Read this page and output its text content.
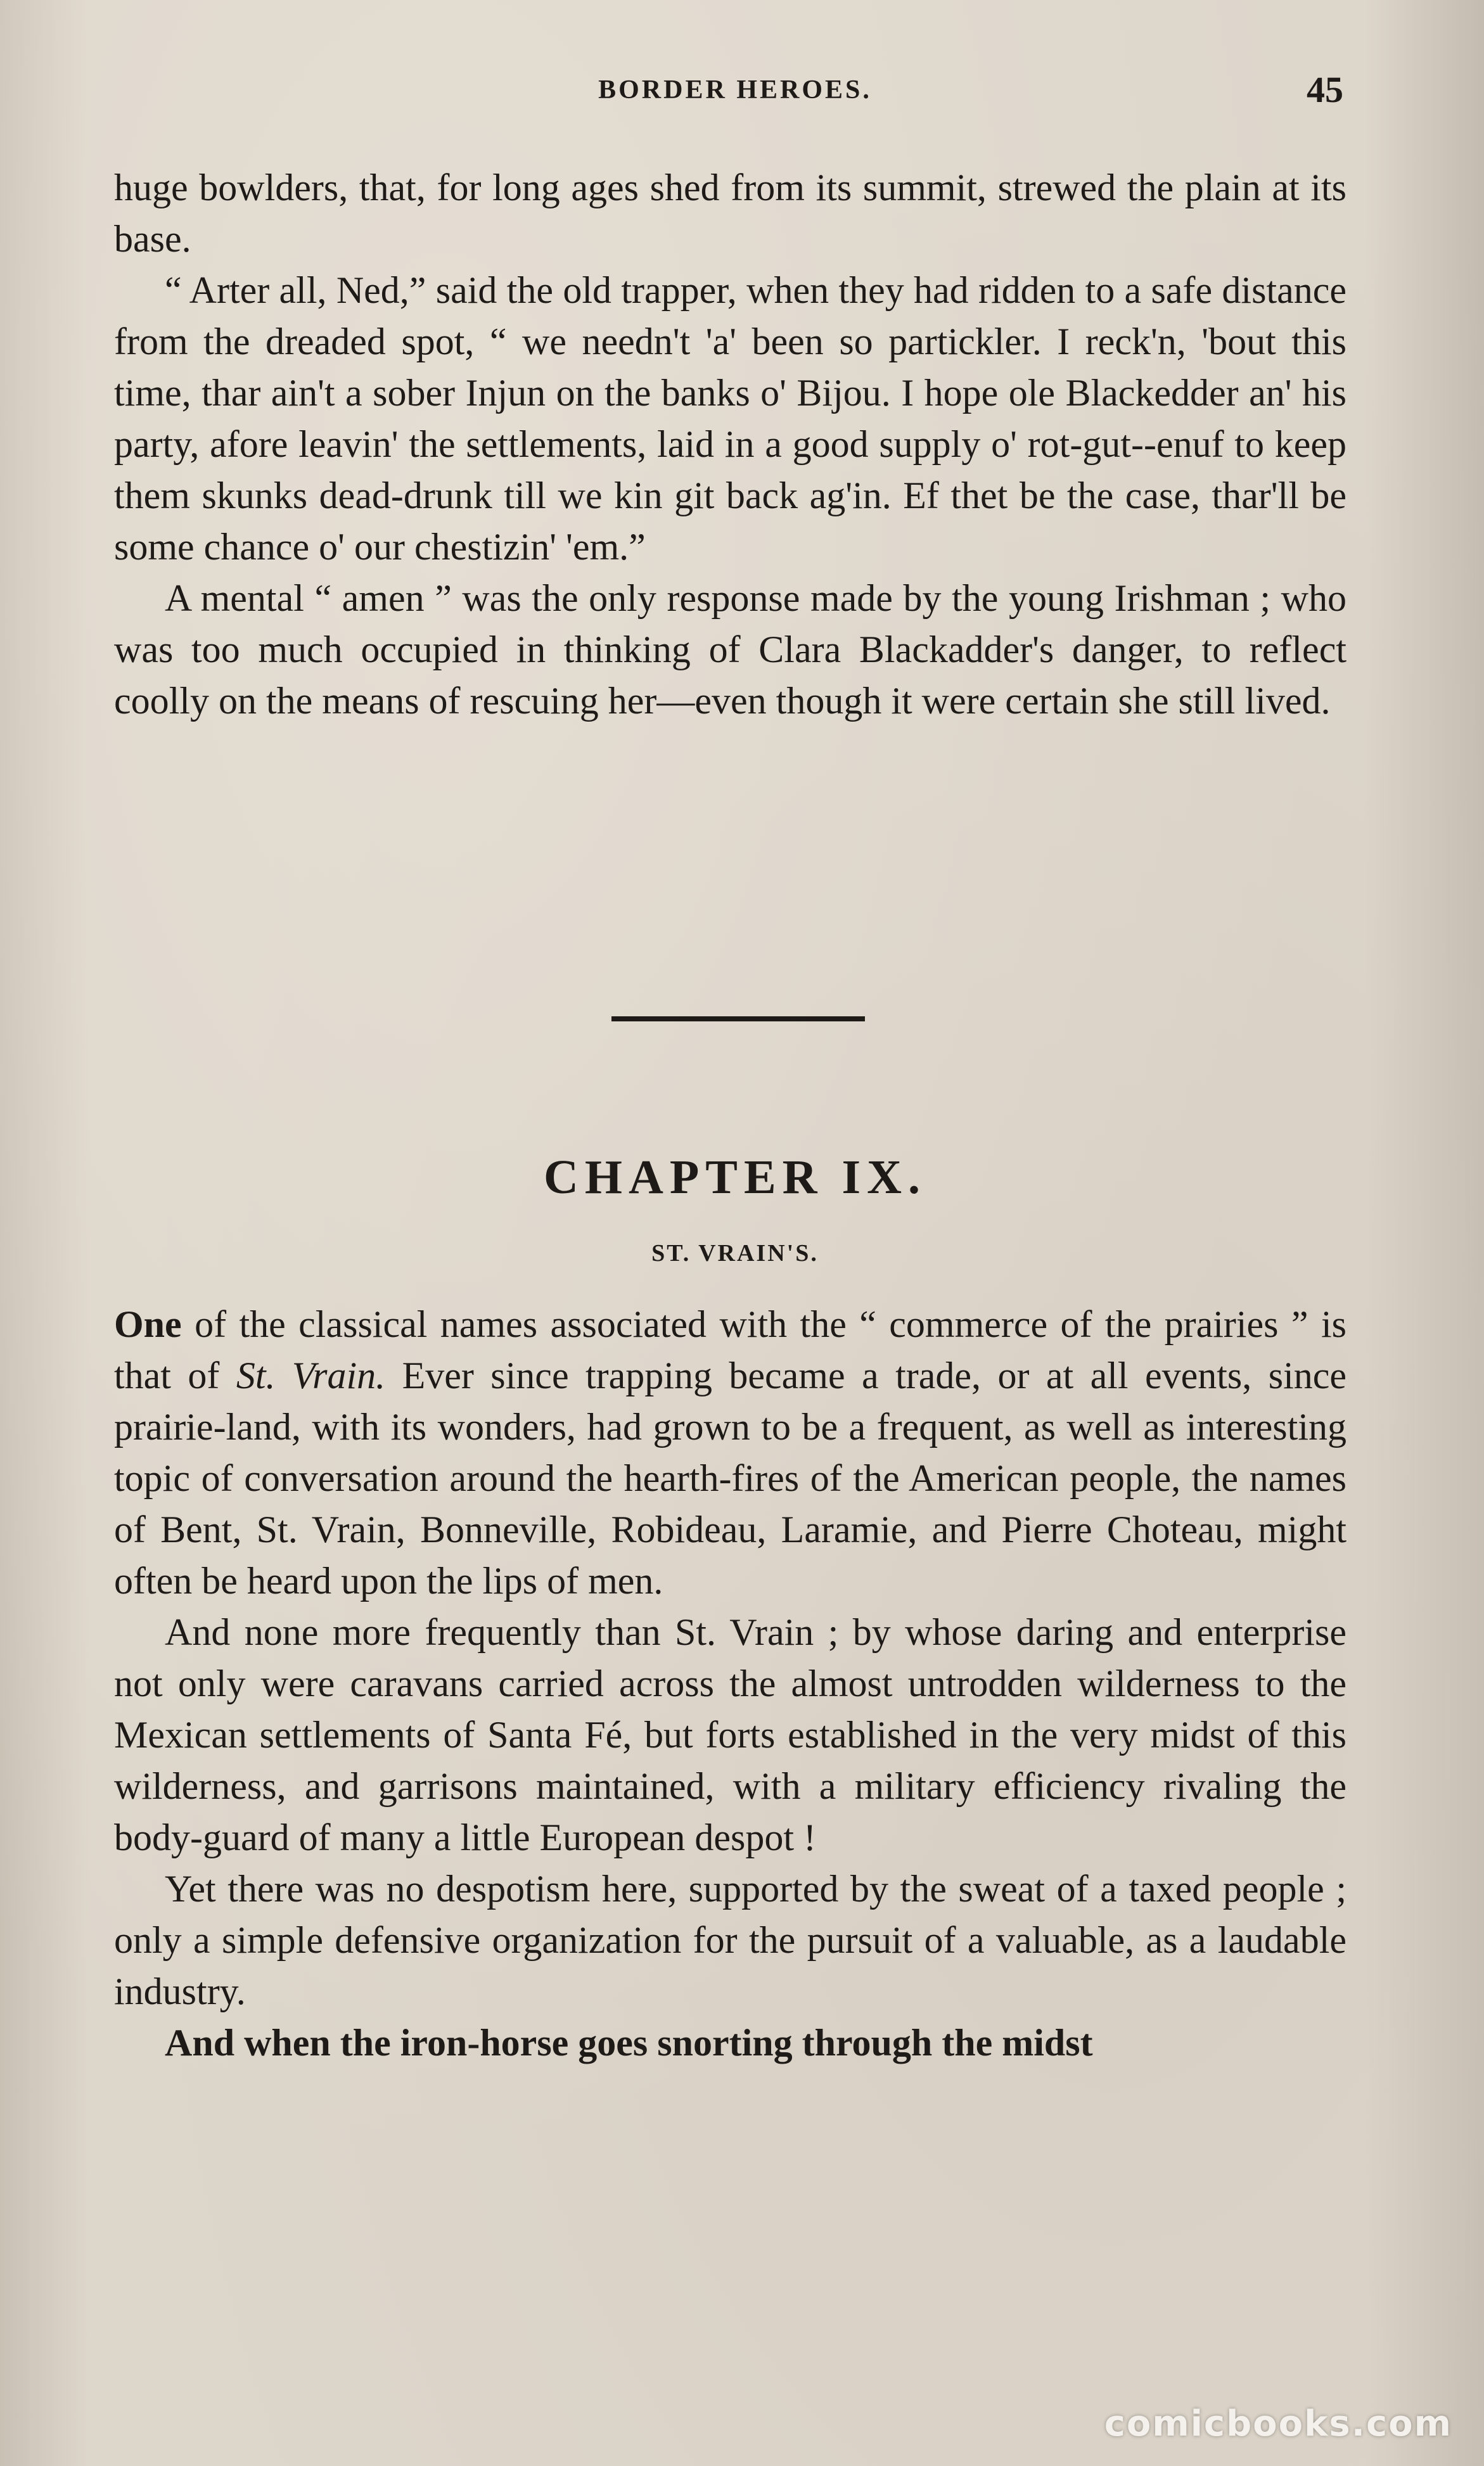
BORDER HEROES.	45

huge bowlders, that, for long ages shed from its summit, strewed the plain at its base.

“ Arter all, Ned,” said the old trapper, when they had ridden to a safe distance from the dreaded spot, “ we needn't 'a' been so partickler. I reck'n, 'bout this time, thar ain't a sober Injun on the banks o' Bijou. I hope ole Blackedder an' his party, afore leavin' the settlements, laid in a good supply o' rot-gut--enuf to keep them skunks dead-drunk till we kin git back ag'in. Ef thet be the case, thar'll be some chance o' our chestizin' 'em.”

A mental “ amen ” was the only response made by the young Irishman ; who was too much occupied in thinking of Clara Blackadder's danger, to reflect coolly on the means of rescuing her—even though it were certain she still lived.

CHAPTER IX.
ST. VRAIN'S.

One of the classical names associated with the “ commerce of the prairies ” is that of St. Vrain. Ever since trapping became a trade, or at all events, since prairie-land, with its wonders, had grown to be a frequent, as well as interesting topic of conversation around the hearth-fires of the American people, the names of Bent, St. Vrain, Bonneville, Robideau, Laramie, and Pierre Choteau, might often be heard upon the lips of men.

And none more frequently than St. Vrain ; by whose daring and enterprise not only were caravans carried across the almost untrodden wilderness to the Mexican settlements of Santa Fé, but forts established in the very midst of this wilderness, and garrisons maintained, with a military efficiency rivaling the body-guard of many a little European despot !

Yet there was no despotism here, supported by the sweat of a taxed people ; only a simple defensive organization for the pursuit of a valuable, as a laudable industry.

And when the iron-horse goes snorting through the midst

comicbooks.com
